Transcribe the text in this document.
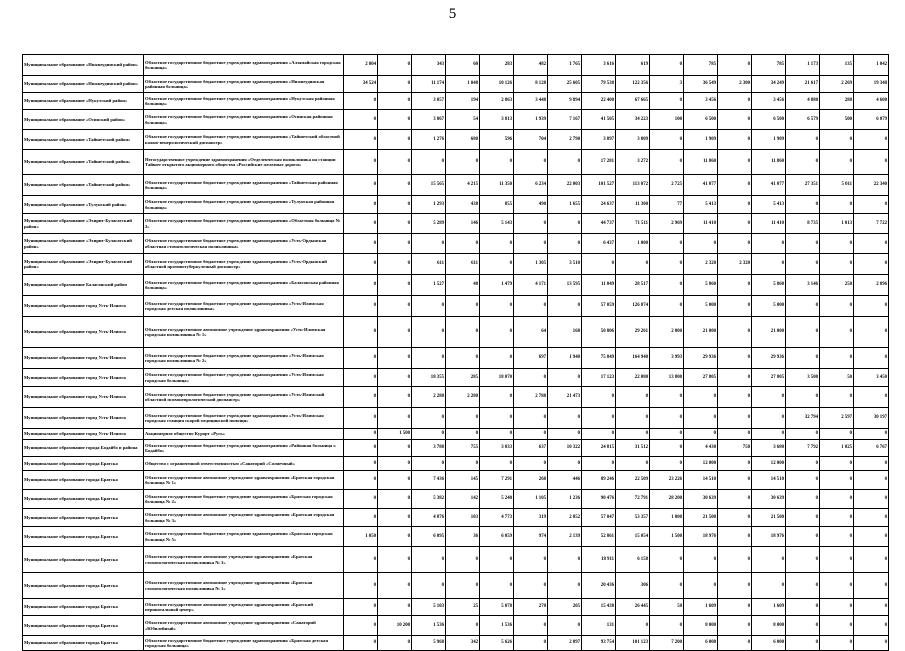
5
Муниципальное образование «Нижнеудинский район»	Областное государственное бюджетное учреждение здравоохранения «Алзамайская городская больница»	2 004	0	343	60	283	482	1 765	3 616	619	0	785	0	785	1 173	135	1 042
Муниципальное образование «Нижнеудинский район»	Областное государственное бюджетное учреждение здравоохранения «Нижнеудинская районная больница»	34 524	0	11 174	1 048	10 126	8 128	25 605	79 538	122 356	3	36 549	2 300	34 249	21 617	2 269	19 348
Муниципальное образование «Нукутский район»	Областное государственное бюджетное учреждение здравоохранения «Нукутская районная больница»	0	0	3 057	194	2 863	3 448	9 894	22 400	67 665	0	3 456	0	3 456	4 880	280	4 600
Муниципальное образование «Осинский район»	Областное государственное бюджетное учреждение здравоохранения «Осинская районная больница»	0	0	3 867	54	3 813	1 939	7 167	41 505	34 223	100	6 500	0	6 500	6 579	500	6 079
Муниципальное образование «Тайшетский район»	Областное государственное бюджетное учреждение здравоохранения «Тайшетский областной кожно-венерологический диспансер»	0	0	1 276	680	596	704	2 790	3 897	3 809	0	1 909	0	1 909	0	0	0
Муниципальное образование «Тайшетский район»	Негосударственное учреждение здравоохранения «Отделенческая поликлиника на станции Тайшет открытого акционерного общества «Российские железные дороги»	0	0	0	0	0	0	0	17 281	3 272	0	11 860	0	11 860	0	0	0
Муниципальное образование «Тайшетский район»	Областное государственное бюджетное учреждение здравоохранения «Тайшетская районная больница»	0	0	15 565	4 215	11 350	6 234	22 003	101 527	113 072	2 725	41 077	0	41 077	27 351	5 011	22 340
Муниципальное образование «Тулунский район»	Областное государственное бюджетное учреждение здравоохранения «Тулунская районная больница»	0	0	1 293	438	855	490	1 655	24 637	11 300	77	5 413	0	5 413	0	0	0
Муниципальное образование «Эхирит-Булагатский район»	Областное государственное бюджетное учреждение здравоохранения «Областная больница № 2»	0	0	5 289	146	5 143	0	0	44 737	71 511	2 969	11 410	0	11 410	8 735	1 013	7 722
Муниципальное образование «Эхирит-Булагатский район»	Областное государственное бюджетное учреждение здравоохранения «Усть-Ордынская областная стоматологическая поликлиника»	0	0	0	0	0	0	0	6 437	1 000	0	0	0	0	0	0	0
Муниципальное образование «Эхирит-Булагатский район»	Областное государственное бюджетное учреждение здравоохранения «Усть-Ордынский областной противотуберкулезный диспансер»	0	0	611	611	0	1 305	3 510	0	0	0	2 320	2 320	0	0	0	0
Муниципальное образование Балаганский район	Областное государственное бюджетное учреждение здравоохранения «Балаганская районная больница»	0	0	1 527	48	1 479	4 171	13 595	11 049	28 517	0	5 860	0	5 860	3 146	250	2 896
Муниципальное образование город Усть-Илимск	Областное государственное бюджетное учреждение здравоохранения «Усть-Илимская городская детская поликлиника»	0	0	0	0	0	0	0	57 059	126 874	0	5 000	0	5 000	0	0	0
Муниципальное образование город Усть-Илимск	Областное государственное автономное учреждение здравоохранения «Усть-Илимская городская поликлиника № 1»	0	0	0	0	0	64	168	50 806	29 261	2 000	21 000	0	21 000	0	0	0
Муниципальное образование город Усть-Илимск	Областное государственное бюджетное учреждение здравоохранения «Усть-Илимская городская поликлиника № 2»	0	0	0	0	0	697	1 940	75 849	164 940	3 993	29 936	0	29 936	0	0	0
Муниципальное образование город Усть-Илимск	Областное государственное бюджетное учреждение здравоохранения «Усть-Илимская городская больница»	0	0	18 355	285	18 070	0	0	17 123	22 080	13 800	27 805	0	27 805	3 500	50	3 450
Муниципальное образование город Усть-Илимск	Областное государственное бюджетное учреждение здравоохранения «Усть-Илимский областной психоневрологический диспансер»	0	0	2 280	2 280	0	2 788	21 473	0	0	0	0	0	0	0	0	0
Муниципальное образование город Усть-Илимск	Областное государственное бюджетное учреждение здравоохранения «Усть-Илимская городская станция скорой медицинской помощи»	0	0	0	0	0	0	0	0	0	0	0	0	0	32 794	2 597	30 197
Муниципальное образование город Усть-Илимск	Акционерное общество Курорт «Русь»	0	1 500	0	0	0	0	0	0	0	0	0	0	0	0	0	0
Муниципальное образование города Бодайбо и района	Областное государственное бюджетное учреждение здравоохранения «Районная больница г. Бодайбо»	0	0	3 788	755	3 033	637	10 322	24 815	31 512	0	4 430	750	3 680	7 792	1 025	6 767
Муниципальное образование города Братска	Общество с ограниченной ответственностью «Санаторий «Солнечный»	0	0	0	0	0	0	0	0	0	0	12 000	0	12 000	0	0	0
Муниципальное образование города Братска	Областное государственное автономное учреждение здравоохранения «Братская городская больница № 1»	0	0	7 436	145	7 291	268	446	89 246	22 509	23 226	14 510	0	14 510	0	0	0
Муниципальное образование города Братска	Областное государственное бюджетное учреждение здравоохранения «Братская городская больница № 2»	0	0	5 382	142	5 240	1 105	1 236	90 476	72 791	28 200	30 639	0	30 639	0	0	0
Муниципальное образование города Братска	Областное государственное автономное учреждение здравоохранения «Братская городская больница № 3»	0	0	4 876	103	4 773	319	2 052	57 047	53 357	1 000	21 500	0	21 500	0	0	0
Муниципальное образование города Братска	Областное государственное бюджетное учреждение здравоохранения «Братская городская больница № 5»	1 050	0	6 095	36	6 059	974	2 139	52 861	15 054	1 500	18 976	0	18 976	0	0	0
Муниципальное образование города Братска	Областное государственное автономное учреждение здравоохранения «Братская стоматологическая поликлиника № 3»	0	0	0	0	0	0	0	18 911	6 158	0	0	0	0	0	0	0
Муниципальное образование города Братска	Областное государственное автономное учреждение здравоохранения «Братская стоматологическая поликлиника № 1»	0	0	0	0	0	0	0	20 436	306	0	0	0	0	0	0	0
Муниципальное образование города Братска	Областное государственное автономное учреждение здравоохранения «Братский перинатальный центр»	0	0	5 103	25	5 078	270	205	15 438	26 445	50	1 609	0	1 609	0	0	0
Муниципальное образование города Братска	Областное государственное автономное учреждение здравоохранения «Санаторий «Юбилейный»	0	10 200	1 536	0	1 536	0	0	131	0	0	8 000	0	8 000	0	0	0
Муниципальное образование города Братска	Областное государственное бюджетное учреждение здравоохранения «Братская детская городская больница»	0	0	5 968	342	5 626	0	2 097	93 754	101 123	7 200	6 000	0	6 000	0	0	0
